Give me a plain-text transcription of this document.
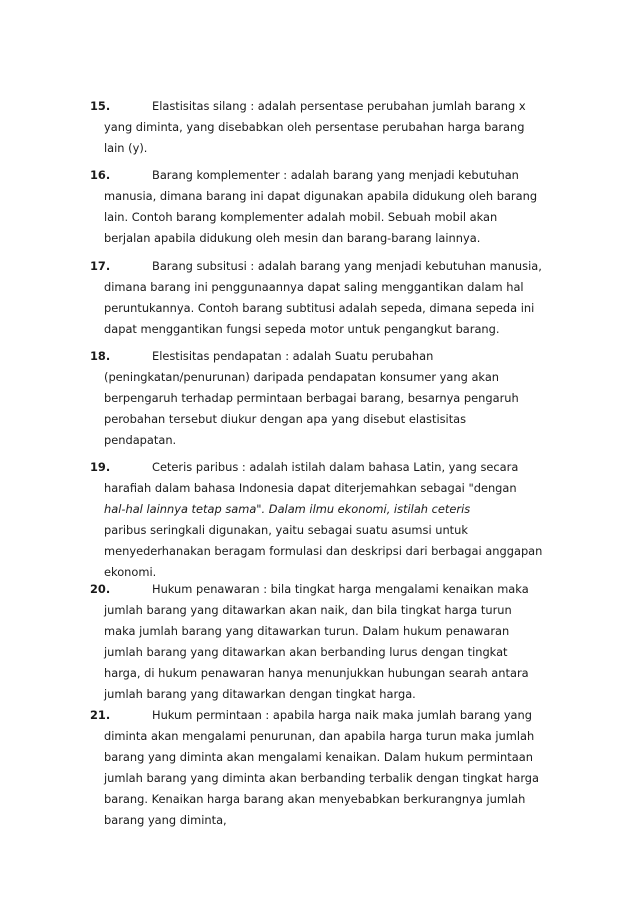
15.	Elastisitas silang : adalah persentase perubahan jumlah barang x
yang diminta, yang disebabkan oleh persentase perubahan harga barang
lain (y).
16.	Barang komplementer : adalah barang yang menjadi kebutuhan
manusia, dimana barang ini dapat digunakan apabila didukung oleh barang
lain. Contoh barang komplementer adalah mobil. Sebuah mobil akan
berjalan apabila didukung oleh mesin dan barang-barang lainnya.
17.	Barang subsitusi : adalah barang yang menjadi kebutuhan manusia,
dimana barang ini penggunaannya dapat saling menggantikan dalam hal
peruntukannya. Contoh barang subtitusi adalah sepeda, dimana sepeda ini
dapat menggantikan fungsi sepeda motor untuk pengangkut barang.
18.	Elestisitas pendapatan : adalah Suatu perubahan
(peningkatan/penurunan) daripada pendapatan konsumer yang akan
berpengaruh terhadap permintaan berbagai barang, besarnya pengaruh
perobahan tersebut diukur dengan apa yang disebut elastisitas
pendapatan.
19.	Ceteris paribus : adalah istilah dalam bahasa Latin, yang secara
harafiah dalam bahasa Indonesia dapat diterjemahkan sebagai "dengan
hal-hal lainnya tetap sama". Dalam ilmu ekonomi, istilah ceteris
paribus seringkali digunakan, yaitu sebagai suatu asumsi untuk
menyederhanakan beragam formulasi dan deskripsi dari berbagai anggapan
ekonomi.
20.	Hukum penawaran : bila tingkat harga mengalami kenaikan maka
jumlah barang yang ditawarkan akan naik, dan bila tingkat harga turun
maka jumlah barang yang ditawarkan turun. Dalam hukum penawaran
jumlah barang yang ditawarkan akan berbanding lurus dengan tingkat
harga, di hukum penawaran hanya menunjukkan hubungan searah antara
jumlah barang yang ditawarkan dengan tingkat harga.
21.	Hukum permintaan : apabila harga naik maka jumlah barang yang
diminta akan mengalami penurunan, dan apabila harga turun maka jumlah
barang yang diminta akan mengalami kenaikan. Dalam hukum permintaan
jumlah barang yang diminta akan berbanding terbalik dengan tingkat harga
barang. Kenaikan harga barang akan menyebabkan berkurangnya jumlah
barang yang diminta,
